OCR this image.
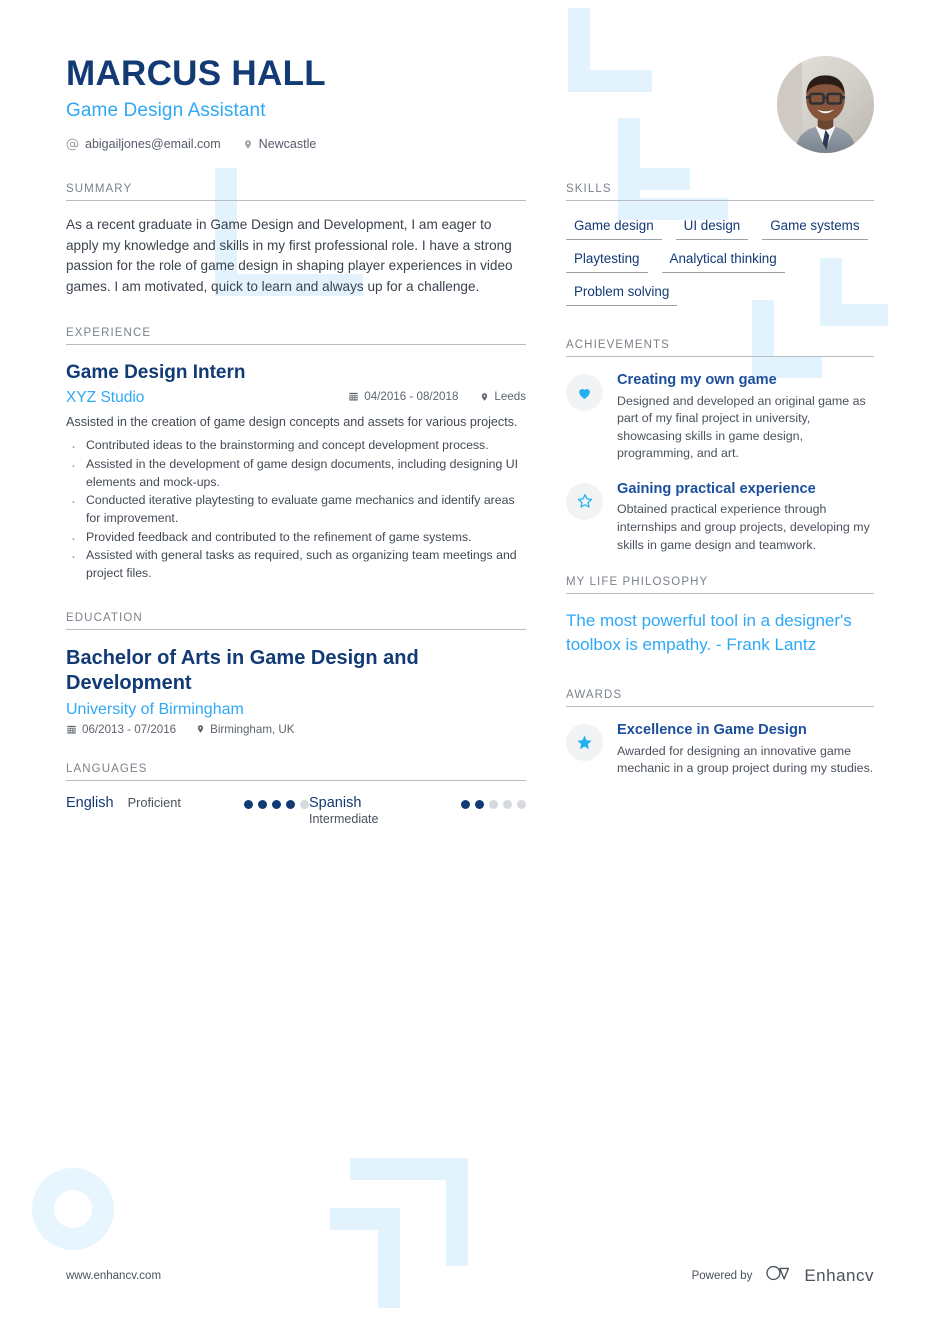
MARCUS HALL
Game Design Assistant
abigailjones@email.com	Newcastle
SUMMARY
As a recent graduate in Game Design and Development, I am eager to apply my knowledge and skills in my first professional role. I have a strong passion for the role of game design in shaping player experiences in video games. I am motivated, quick to learn and always up for a challenge.
EXPERIENCE
Game Design Intern
XYZ Studio	04/2016 - 08/2018	Leeds
Assisted in the creation of game design concepts and assets for various projects.
· Contributed ideas to the brainstorming and concept development process.
· Assisted in the development of game design documents, including designing UI elements and mock-ups.
· Conducted iterative playtesting to evaluate game mechanics and identify areas for improvement.
· Provided feedback and contributed to the refinement of game systems.
· Assisted with general tasks as required, such as organizing team meetings and project files.
EDUCATION
Bachelor of Arts in Game Design and Development
University of Birmingham
06/2013 - 07/2016	Birmingham, UK
LANGUAGES
English Proficient	Spanish
Intermediate
SKILLS
Game design	UI design	Game systems
Playtesting	Analytical thinking
Problem solving
ACHIEVEMENTS
Creating my own game
Designed and developed an original game as part of my final project in university, showcasing skills in game design, programming, and art.
Gaining practical experience
Obtained practical experience through internships and group projects, developing my skills in game design and teamwork.
MY LIFE PHILOSOPHY
The most powerful tool in a designer's toolbox is empathy. - Frank Lantz
AWARDS
Excellence in Game Design
Awarded for designing an innovative game mechanic in a group project during my studies.
www.enhancv.com	Powered by	Enhancv
